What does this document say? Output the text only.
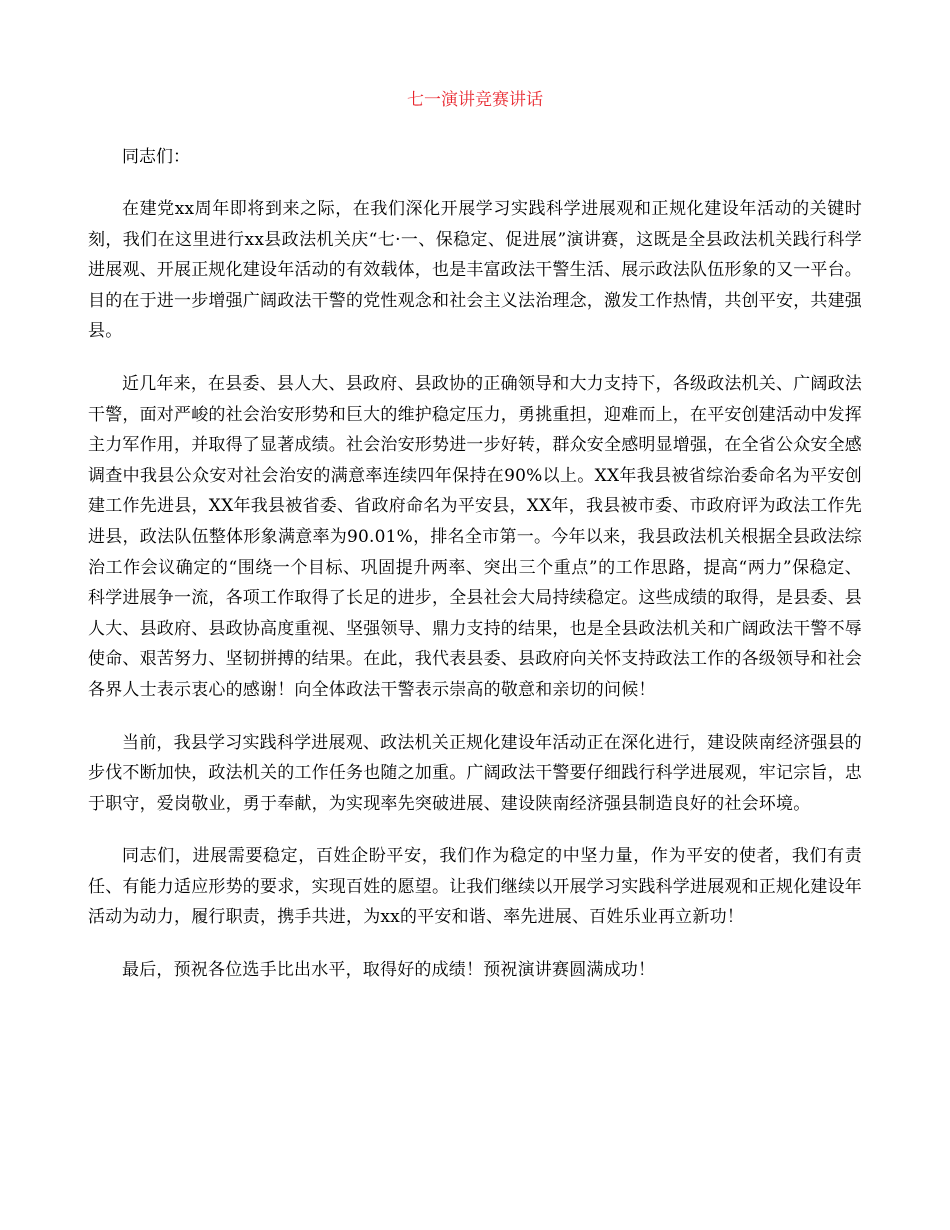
七一演讲竞赛讲话

同志们：

在建党xx周年即将到来之际，在我们深化开展学习实践科学进展观和正规化建设年活动的关键时刻，我们在这里进行xx县政法机关庆“七·一、保稳定、促进展”演讲赛，这既是全县政法机关践行科学进展观、开展正规化建设年活动的有效载体，也是丰富政法干警生活、展示政法队伍形象的又一平台。目的在于进一步增强广阔政法干警的党性观念和社会主义法治理念，激发工作热情，共创平安，共建强县。

近几年来，在县委、县人大、县政府、县政协的正确领导和大力支持下，各级政法机关、广阔政法干警，面对严峻的社会治安形势和巨大的维护稳定压力，勇挑重担，迎难而上，在平安创建活动中发挥主力军作用，并取得了显著成绩。社会治安形势进一步好转，群众安全感明显增强，在全省公众安全感调查中我县公众安对社会治安的满意率连续四年保持在90%以上。XX年我县被省综治委命名为平安创建工作先进县，XX年我县被省委、省政府命名为平安县，XX年，我县被市委、市政府评为政法工作先进县，政法队伍整体形象满意率为90.01%，排名全市第一。今年以来，我县政法机关根据全县政法综治工作会议确定的“围绕一个目标、巩固提升两率、突出三个重点”的工作思路，提高“两力”保稳定、科学进展争一流，各项工作取得了长足的进步，全县社会大局持续稳定。这些成绩的取得，是县委、县人大、县政府、县政协高度重视、坚强领导、鼎力支持的结果，也是全县政法机关和广阔政法干警不辱使命、艰苦努力、坚韧拼搏的结果。在此，我代表县委、县政府向关怀支持政法工作的各级领导和社会各界人士表示衷心的感谢！向全体政法干警表示崇高的敬意和亲切的问候！

当前，我县学习实践科学进展观、政法机关正规化建设年活动正在深化进行，建设陕南经济强县的步伐不断加快，政法机关的工作任务也随之加重。广阔政法干警要仔细践行科学进展观，牢记宗旨，忠于职守，爱岗敬业，勇于奉献，为实现率先突破进展、建设陕南经济强县制造良好的社会环境。

同志们，进展需要稳定，百姓企盼平安，我们作为稳定的中坚力量，作为平安的使者，我们有责任、有能力适应形势的要求，实现百姓的愿望。让我们继续以开展学习实践科学进展观和正规化建设年活动为动力，履行职责，携手共进，为xx的平安和谐、率先进展、百姓乐业再立新功！

最后，预祝各位选手比出水平，取得好的成绩！预祝演讲赛圆满成功！
